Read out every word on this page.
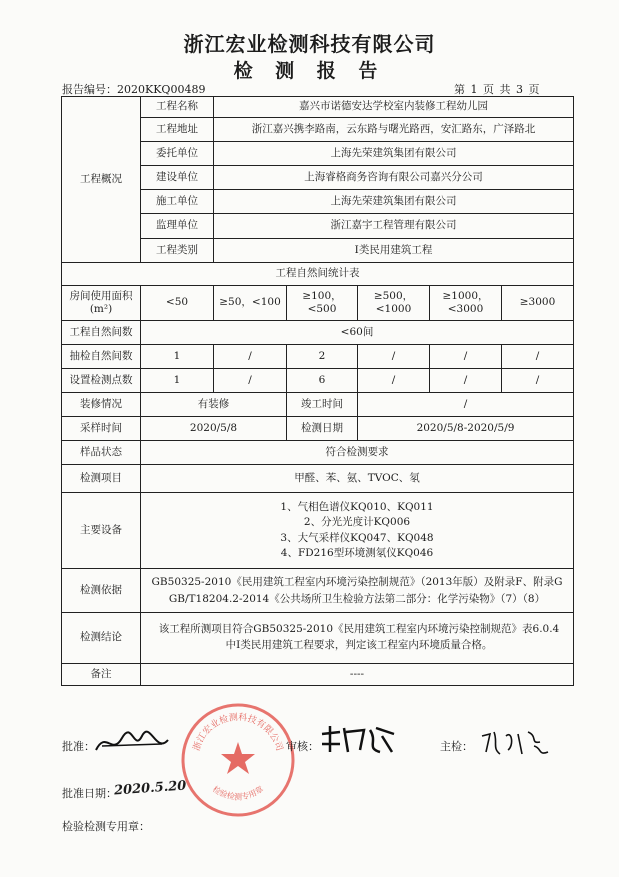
浙江宏业检测科技有限公司
检 测 报 告
报告编号：2020KKQ00489	第 1 页 共 3 页
工程概况	工程名称	嘉兴市诺德安达学校室内装修工程幼儿园				
	工程地址	浙江嘉兴携李路南，云东路与曙光路西，安汇路东，广泽路北				
	委托单位	上海先荣建筑集团有限公司				
	建设单位	上海睿格商务咨询有限公司嘉兴分公司				
	施工单位	上海先荣建筑集团有限公司				
	监理单位	浙江嘉宇工程管理有限公司				
	工程类别	Ⅰ类民用建筑工程				
工程自然间统计表						
房间使用面积(m²)	<50	≥50，<100	≥100，<500	≥500，<1000	≥1000，<3000	≥3000
工程自然间数	<60间					
抽检自然间数	1	/	2	/	/	/
设置检测点数	1	/	6	/	/	/
装修情况	有装修		竣工时间	/		
采样时间	2020/5/8		检测日期	2020/5/8-2020/5/9		
样品状态	符合检测要求					
检测项目	甲醛、苯、氨、TVOC、氡					
主要设备	1、气相色谱仪KQ010、KQ011
2、分光光度计KQ006
3、大气采样仪KQ047、KQ048
4、FD216型环境测氡仪KQ046					

检测依据	GB50325-2010《民用建筑工程室内环境污染控制规范》（2013年版）及附录F、附录G
GB/T18204.2-2014《公共场所卫生检验方法第二部分：化学污染物》（7）（8）					

检测结论	该工程所测项目符合GB50325-2010《民用建筑工程室内环境污染控制规范》表6.0.4 中Ⅰ类民用建筑工程要求，判定该工程室内环境质量合格。					
备注	----					
浙江宏业检测科技有限公司
检验检测专用章
批准：	审核：	主检：
批准日期：
2020.5.20
检验检测专用章：
